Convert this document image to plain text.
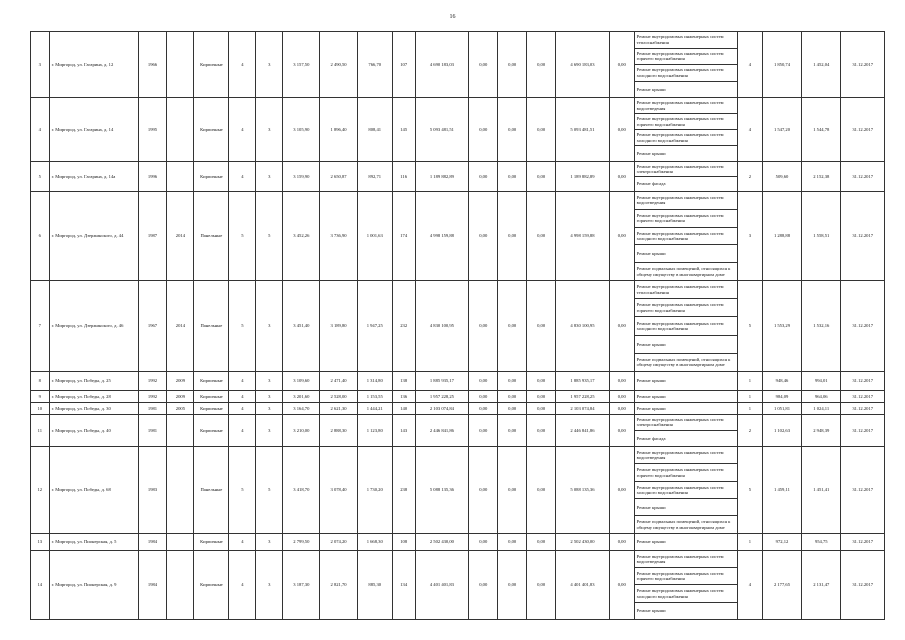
16
3	г. Миргород, ул. Гагарина, д. 12	1966		Кирпичные	4	3	3 157,50	2 490,50	766,70	107	4 690 183,03	0,00	0,00	0,00	4 690 183,03	0,00	Ремонт внутридомовых инженерных систем теплоснабжения	4	1 850,74	1 452,04	31.12.2017
																	Ремонт внутридомовых инженерных систем горячего водоснабжения				
																	Ремонт внутридомовых инженерных систем холодного водоснабжения				
																	Ремонт крыши				
4	г. Миргород, ул. Гагарина, д. 14	1995		Кирпичные	4	3	3 105,90	1 896,40	808,41	145	5 093 481,51	0,00	0,00	0,00	5 093 481,51	0,00	Ремонт внутридомовых инженерных систем водоотведения	4	1 547,20	1 544,78	31.12.2017
																	Ремонт внутридомовых инженерных систем горячего водоснабжения				
																	Ремонт внутридомовых инженерных систем холодного водоснабжения				
																	Ремонт крыши				
5	г. Миргород, ул. Гагарина, д. 14а	1996		Кирпичные	4	3	3 159,90	2 650,87	892,71	116	1 189 882,89	0,00	0,00	0,00	1 189 882,89	0,00	Ремонт внутридомовых инженерных систем электроснабжения	2	509,60	2 152,38	31.12.2017
																	Ремонт фасада				
6	г. Миргород, ул. Дзержинского, д. 44	1987	2014	Панельные	5	5	3 452,26	3 736,90	1 001,63	174	4 998 159,88	0,00	0,00	0,00	4 998 159,88	0,00	Ремонт внутридомовых инженерных систем водоотведения	3	1 288,88	1 558,51	31.12.2017
																	Ремонт внутридомовых инженерных систем горячего водоснабжения				
																	Ремонт внутридомовых инженерных систем холодного водоснабжения				
																	Ремонт крыши				
																	Ремонт подвальных помещений, относящихся к общему имуществу в многоквартирном доме				
7	г. Миргород, ул. Дзержинского, д. 46	1967	2014	Панельные	5	3	3 451,40	3 189,80	1 947,25	232	4 830 100,95	0,00	0,00	0,00	4 830 100,95	0,00	Ремонт внутридомовых инженерных систем теплоснабжения	5	1 553,29	1 532,16	31.12.2017
																	Ремонт внутридомовых инженерных систем горячего водоснабжения				
																	Ремонт внутридомовых инженерных систем холодного водоснабжения				
																	Ремонт крыши				
																	Ремонт подвальных помещений, относящихся к общему имуществу в многоквартирном доме				
8	г. Миргород, ул. Победы, д. 25	1992	2009	Кирпичные	4	3	3 109,60	2 471,40	1 314,80	138	1 885 935,17	0,00	0,00	0,00	1 885 935,17	0,00	Ремонт крыши	1	948,46	994,01	31.12.2017
9	г. Миргород, ул. Победы, д. 28	1992	2009	Кирпичные	4	3	3 201,60	2 528,00	1 153,55	136	1 957 228,25	0,00	0,00	0,00	1 957 228,25	0,00	Ремонт крыши	1	984,09	964,06	31.12.2017
10	г. Миргород, ул. Победы, д. 30	1981	2005	Кирпичные	4	3	3 164,70	2 621,30	1 444,21	140	2 103 074,84	0,00	0,00	0,00	2 103 074,84	0,00	Ремонт крыши	1	1 051,81	1 024,11	31.12.2017
11	г. Миргород, ул. Победы, д. 40	1981		Кирпичные	4	3	3 210,00	2 888,30	1 123,80	143	2 446 841,86	0,00	0,00	0,00	2 446 841,86	0,00	Ремонт внутридомовых инженерных систем электроснабжения	2	1 102,63	2 948,39	31.12.2017
																	Ремонт фасада				
12	г. Миргород, ул. Победы, д. 68	1983		Панельные	5	5	3 418,70	3 078,40	1 730,20	238	5 088 135,36	0,00	0,00	0,00	5 088 135,36	0,00	Ремонт внутридомовых инженерных систем водоотведения	5	1 459,11	1 451,41	31.12.2017
																	Ремонт внутридомовых инженерных систем горячего водоснабжения				
																	Ремонт внутридомовых инженерных систем холодного водоснабжения				
																	Ремонт крыши				
																	Ремонт подвальных помещений, относящихся к общему имуществу в многоквартирном доме				
13	г. Миргород, ул. Пионерская, д. 5	1984		Кирпичные	4	3	2 799,50	2 074,20	1 668,30	108	2 502 430,00	0,00	0,00	0,00	2 502 430,00	0,00	Ремонт крыши	1	972,12	954,75	31.12.2017
14	г. Миргород, ул. Пионерская, д. 9	1984		Кирпичные	4	3	3 187,30	2 821,70	885,30	134	4 401 401,83	0,00	0,00	0,00	4 401 401,83	0,00	Ремонт внутридомовых инженерных систем водоотведения	4	2 177,65	2 131,47	31.12.2017
																	Ремонт внутридомовых инженерных систем горячего водоснабжения				
																	Ремонт внутридомовых инженерных систем холодного водоснабжения				
																	Ремонт крыши				
